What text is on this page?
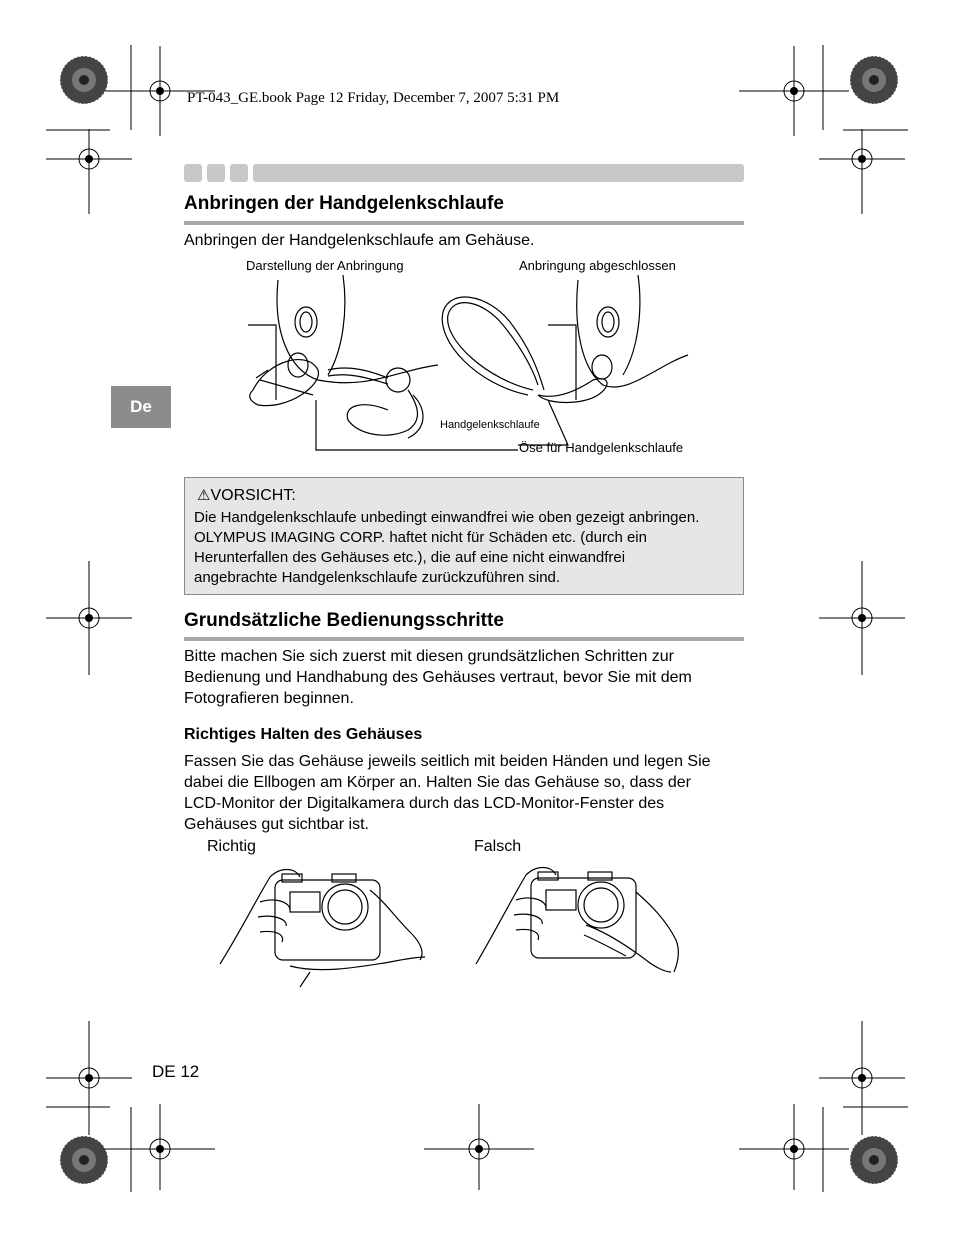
PT-043_GE.book Page 12 Friday, December 7, 2007 5:31 PM
Anbringen der Handgelenkschlaufe
Anbringen der Handgelenkschlaufe am Gehäuse.
De
Darstellung der Anbringung	Anbringung abgeschlossen
Handgelenkschlaufe
Öse für Handgelenkschlaufe
⚠VORSICHT:
Die Handgelenkschlaufe unbedingt einwandfrei wie oben gezeigt anbringen.
OLYMPUS IMAGING CORP. haftet nicht für Schäden etc. (durch ein
Herunterfallen des Gehäuses etc.), die auf eine nicht einwandfrei
angebrachte Handgelenkschlaufe zurückzuführen sind.
Grundsätzliche Bedienungsschritte
Bitte machen Sie sich zuerst mit diesen grundsätzlichen Schritten zur
Bedienung und Handhabung des Gehäuses vertraut, bevor Sie mit dem
Fotografieren beginnen.
Richtiges Halten des Gehäuses
Fassen Sie das Gehäuse jeweils seitlich mit beiden Händen und legen Sie
dabei die Ellbogen am Körper an. Halten Sie das Gehäuse so, dass der
LCD-Monitor der Digitalkamera durch das LCD-Monitor-Fenster des
Gehäuses gut sichtbar ist.
Richtig	Falsch
DE 12
